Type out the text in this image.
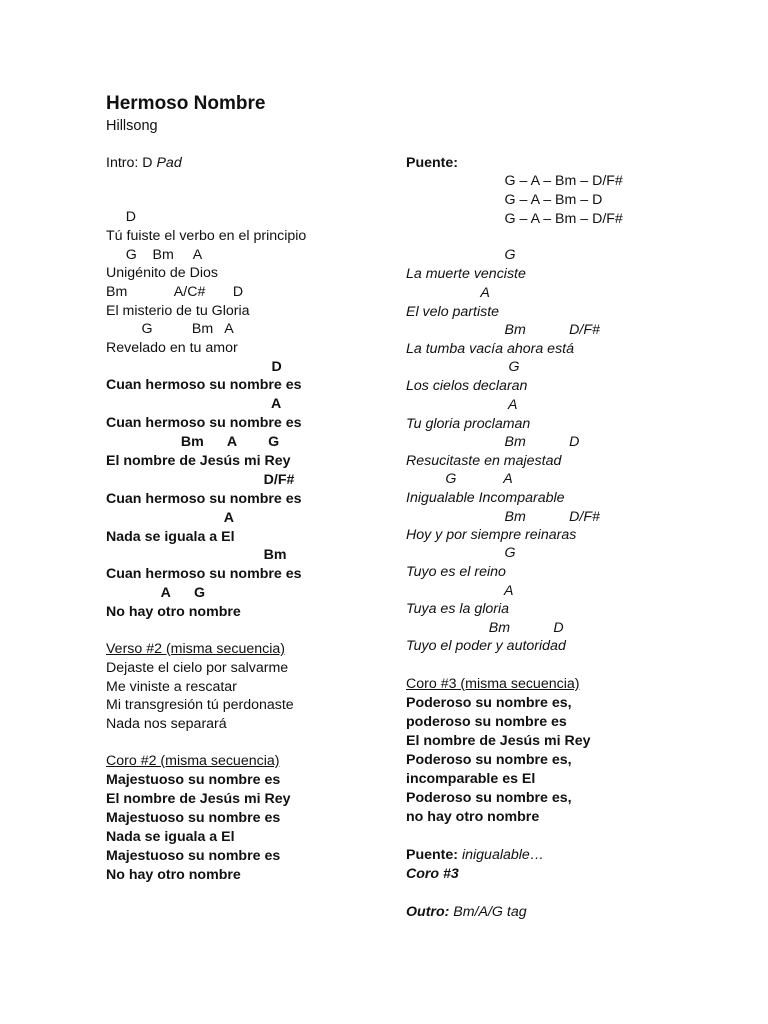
Hermoso Nombre
Hillsong
Intro: D Pad
D
Tú fuiste el verbo en el principio
G    Bm     A
Unigénito de Dios
Bm            A/C#       D
El misterio de tu Gloria
G          Bm   A
Revelado en tu amor
D
Cuan hermoso su nombre es
A
Cuan hermoso su nombre es
Bm      A        G
El nombre de Jesús mi Rey
D/F#
Cuan hermoso su nombre es
A
Nada se iguala a El
Bm
Cuan hermoso su nombre es
A      G
No hay otro nombre
Verso #2 (misma secuencia)
Dejaste el cielo por salvarme
Me viniste a rescatar
Mi transgresión tú perdonaste
Nada nos separará
Coro #2 (misma secuencia)
Majestuoso su nombre es
El nombre de Jesús mi Rey
Majestuoso su nombre es
Nada se iguala a El
Majestuoso su nombre es
No hay otro nombre
Puente:
G – A – Bm – D/F#
G – A – Bm – D
G – A – Bm – D/F#
G
La muerte venciste
A
El velo partiste
Bm           D/F#
La tumba vacía ahora está
G
Los cielos declaran
A
Tu gloria proclaman
Bm           D
Resucitaste en majestad
G            A
Inigualable Incomparable
Bm           D/F#
Hoy y por siempre reinaras
G
Tuyo es el reino
A
Tuya es la gloria
Bm           D
Tuyo el poder y autoridad
Coro #3 (misma secuencia)
Poderoso su nombre es,
poderoso su nombre es
El nombre de Jesús mi Rey
Poderoso su nombre es,
incomparable es El
Poderoso su nombre es,
no hay otro nombre
Puente: inigualable…
Coro #3
Outro: Bm/A/G tag
